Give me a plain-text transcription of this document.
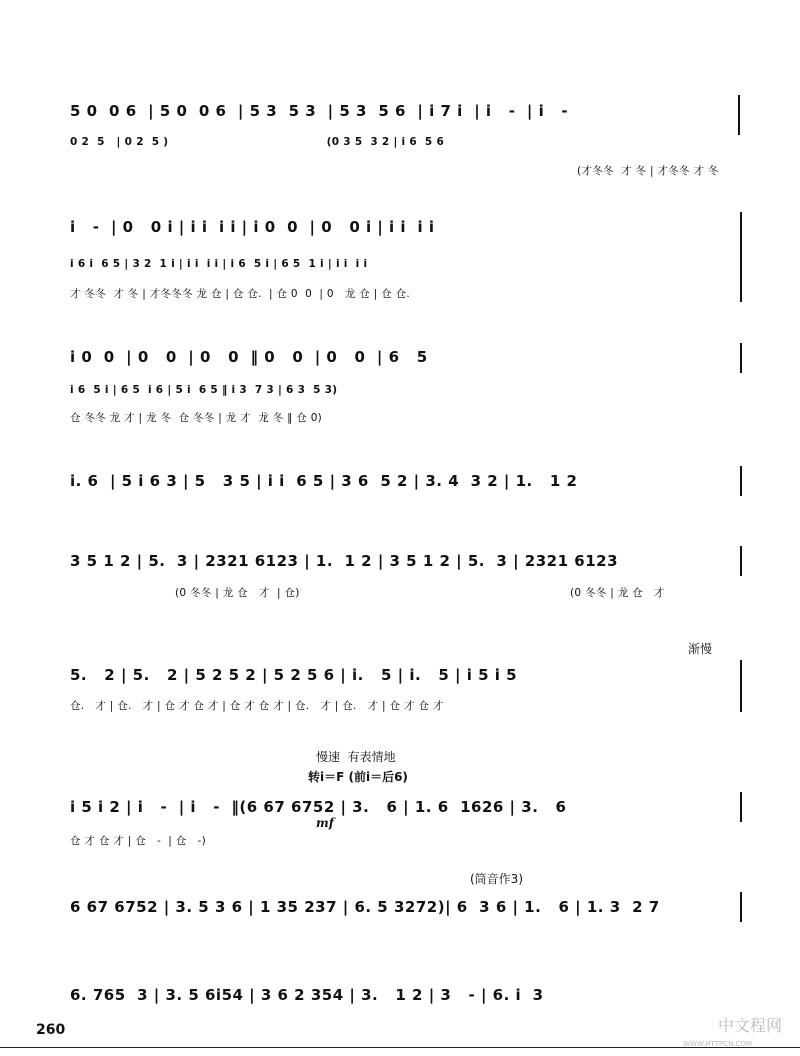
5 0  0 6  | 5 0  0 6  | 5 3  5 3  | 5 3  5 6  | i 7 i  | i   -  | i   -
0 2  5   | 0 2  5 )                                        (0 3 5  3 2 | i 6  5 6
(才冬冬  才 冬 | 才冬冬 才 冬
i   -  | 0   0 i | i i  i i | i 0  0  | 0   0 i | i i  i i
i 6 i  6 5 | 3 2  1 i | i i  i i | i 6  5 i | 6 5  1 i | i i  i i
才 冬冬  才 冬 | 才冬冬冬 龙 仓 | 仓 仓.  | 仓 0  0  | 0   龙 仓 | 仓 仓.
i 0  0  | 0   0  | 0   0  ‖ 0   0  | 0   0  | 6   5
i 6  5 i | 6 5  i 6 | 5 i  6 5 ‖ i 3  7 3 | 6 3  5 3)
仓 冬冬 龙 才 | 龙 冬  仓 冬冬 | 龙 才  龙 冬 ‖ 仓 0)
i. 6  | 5 i 6 3 | 5   3 5 | i i  6 5 | 3 6  5 2 | 3. 4  3 2 | 1.   1 2
3 5 1 2 | 5.  3 | 2321 6123 | 1.  1 2 | 3 5 1 2 | 5.  3 | 2321 6123
(0 冬冬 | 龙 仓   才  | 仓)	(0 冬冬 | 龙 仓   才
渐慢
5.   2 | 5.   2 | 5 2 5 2 | 5 2 5 6 | i.   5 | i.   5 | i 5 i 5
仓.   才 | 仓.   才 | 仓 才 仓 才 | 仓 才 仓 才 | 仓.   才 | 仓.   才 | 仓 才 仓 才
慢速  有表情地
转i＝F (前i＝后6)
i 5 i 2 | i   -  | i   -  ‖(6 67 6752 | 3.   6 | 1. 6  1626 | 3.   6
mf
仓 才 仓 才 | 仓   -  | 仓   -)
(筒音作3)
6 67 6752 | 3. 5 3 6 | 1 35 237 | 6. 5 3272)| 6  3 6 | 1.   6 | 1. 3  2 7
6. 765  3 | 3. 5 6i54 | 3 6 2 354 | 3.   1 2 | 3   - | 6. i  3
260	中文程网
WWW.HTTPCN.COM
